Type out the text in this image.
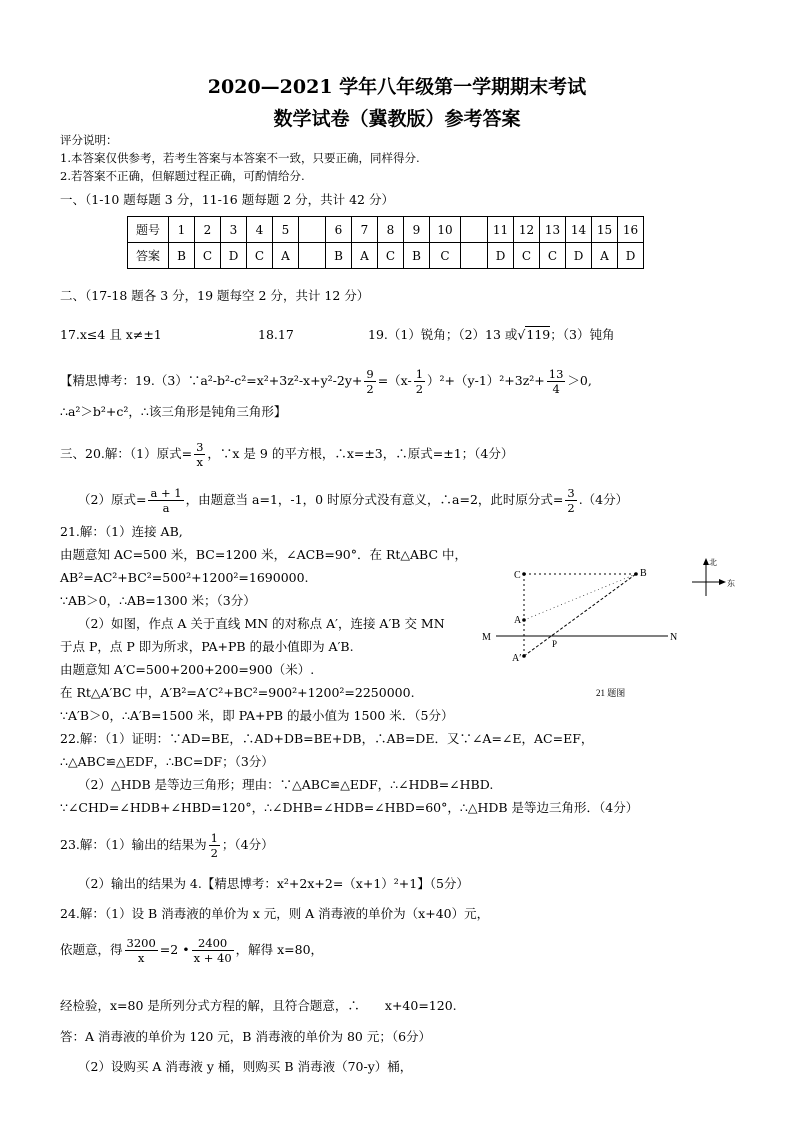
2020—2021 学年八年级第一学期期末考试
数学试卷（冀教版）参考答案
评分说明：
1.本答案仅供参考，若考生答案与本答案不一致，只要正确，同样得分.
2.若答案不正确，但解题过程正确，可酌情给分.
一、（1-10 题每题 3 分，11-16 题每题 2 分，共计 42 分）
题号	1	2	3	4	5		6	7	8	9	10		11	12	13	14	15	16
答案	B	C	D	C	A		B	A	C	B	C		D	C	C	D	A	D
二、（17-18 题各 3 分，19 题每空 2 分，共计 12 分）
17.x≤4 且 x≠±1	18.17	19.（1）锐角；（2）13 或√119；（3）钝角
【精思博考：19.（3）∵a²-b²-c²=x²+3z²-x+y²-2y+ $\frac{9}{2} =(x- \frac{1}{2} )^2+(y-1)^2+3z^2+ \frac{13}{4} >0$,
∴a²＞b²+c²，∴该三角形是钝角三角形】
三、20.解：（1）原式= $\frac{3}{x}$ ，∵x 是 9 的平方根，∴x=±3，∴原式=±1；（4分）
（2）原式= $\frac{a + 1}{a}$ ，由题意当 a=1，-1，0 时原分式没有意义，∴a=2，此时原分式= $\frac{3}{2} .(4$分）
21.解：（1）连接 AB,
由题意知 AC=500 米，BC=1200 米，∠ACB=90°．在 Rt△ABC 中，
AB²=AC²+BC²=500²+1200²=1690000.
∵AB＞0，∴AB=1300 米；（3分）
（2）如图，作点 A 关于直线 MN 的对称点 A′，连接 A′B 交 MN
于点 P，点 P 即为所求，PA+PB 的最小值即为 A′B.
由题意知 A′C=500+200+200=900（米）.
在 Rt△A′BC 中，A′B²=A′C²+BC²=900²+1200²=2250000.
∵A′B＞0，∴A′B=1500 米，即 PA+PB 的最小值为 1500 米．（5分）
C	B
A
A′
M	N
P
21 题图
北
东
22.解：（1）证明：∵AD=BE，∴AD+DB=BE+DB，∴AB=DE．又∵∠A=∠E，AC=EF，
∴△ABC≌△EDF，∴BC=DF；（3分）
（2）△HDB 是等边三角形；理由：∵△ABC≌△EDF，∴∠HDB=∠HBD.
∵∠CHD=∠HDB+∠HBD=120°，∴∠DHB=∠HDB=∠HBD=60°，∴△HDB 是等边三角形．（4分）
23.解：（1）输出的结果为 $\frac{1}{2}$ ；（4分）
（2）输出的结果为 4.【精思博考：x²+2x+2=（x+1）²+1】（5分）
24.解：（1）设 B 消毒液的单价为 x 元，则 A 消毒液的单价为（x+40）元，
依题意，得 $\frac{3200}{x} =2$ • $\frac{2400}{x + 40}$ ，解得 x=80，
经检验，x=80 是所列分式方程的解，且符合题意，∴　　x+40=120.
答：A 消毒液的单价为 120 元，B 消毒液的单价为 80 元；（6分）
（2）设购买 A 消毒液 y 桶，则购买 B 消毒液（70-y）桶，
